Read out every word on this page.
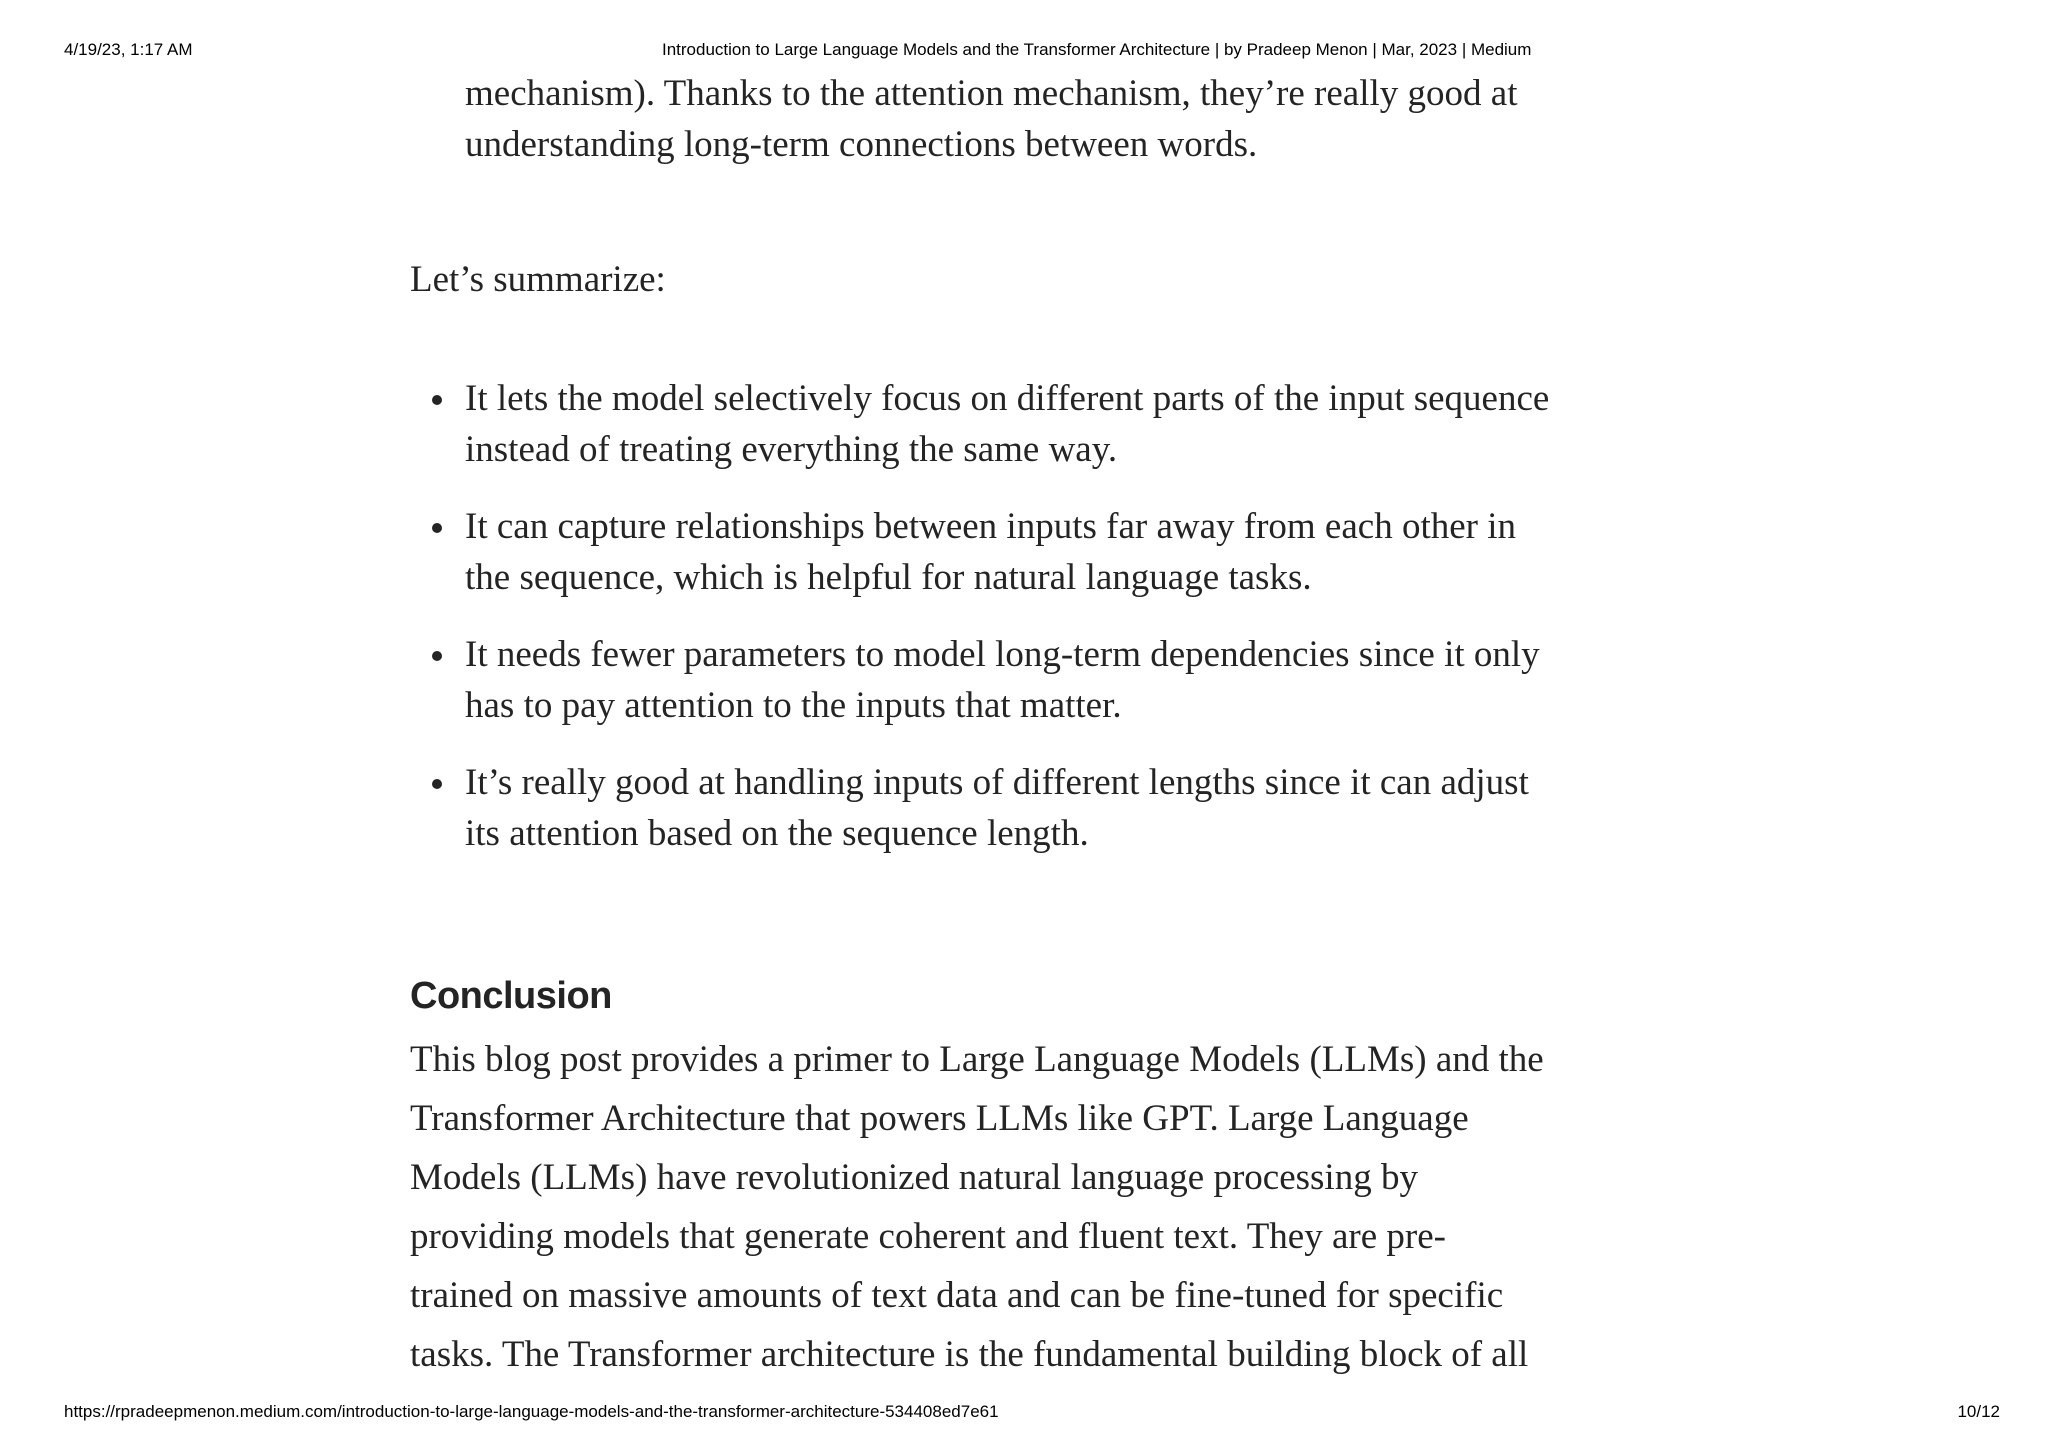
4/19/23, 1:17 AM	Introduction to Large Language Models and the Transformer Architecture | by Pradeep Menon | Mar, 2023 | Medium

mechanism). Thanks to the attention mechanism, they’re really good at
understanding long-term connections between words.

Let’s summarize:

It lets the model selectively focus on different parts of the input sequence
instead of treating everything the same way.
It can capture relationships between inputs far away from each other in
the sequence, which is helpful for natural language tasks.
It needs fewer parameters to model long-term dependencies since it only
has to pay attention to the inputs that matter.
It’s really good at handling inputs of different lengths since it can adjust
its attention based on the sequence length.
Conclusion

This blog post provides a primer to Large Language Models (LLMs) and the
Transformer Architecture that powers LLMs like GPT. Large Language
Models (LLMs) have revolutionized natural language processing by
providing models that generate coherent and fluent text. They are pre-
trained on massive amounts of text data and can be fine-tuned for specific
tasks. The Transformer architecture is the fundamental building block of all

https://rpradeepmenon.medium.com/introduction-to-large-language-models-and-the-transformer-architecture-534408ed7e61	10/12
